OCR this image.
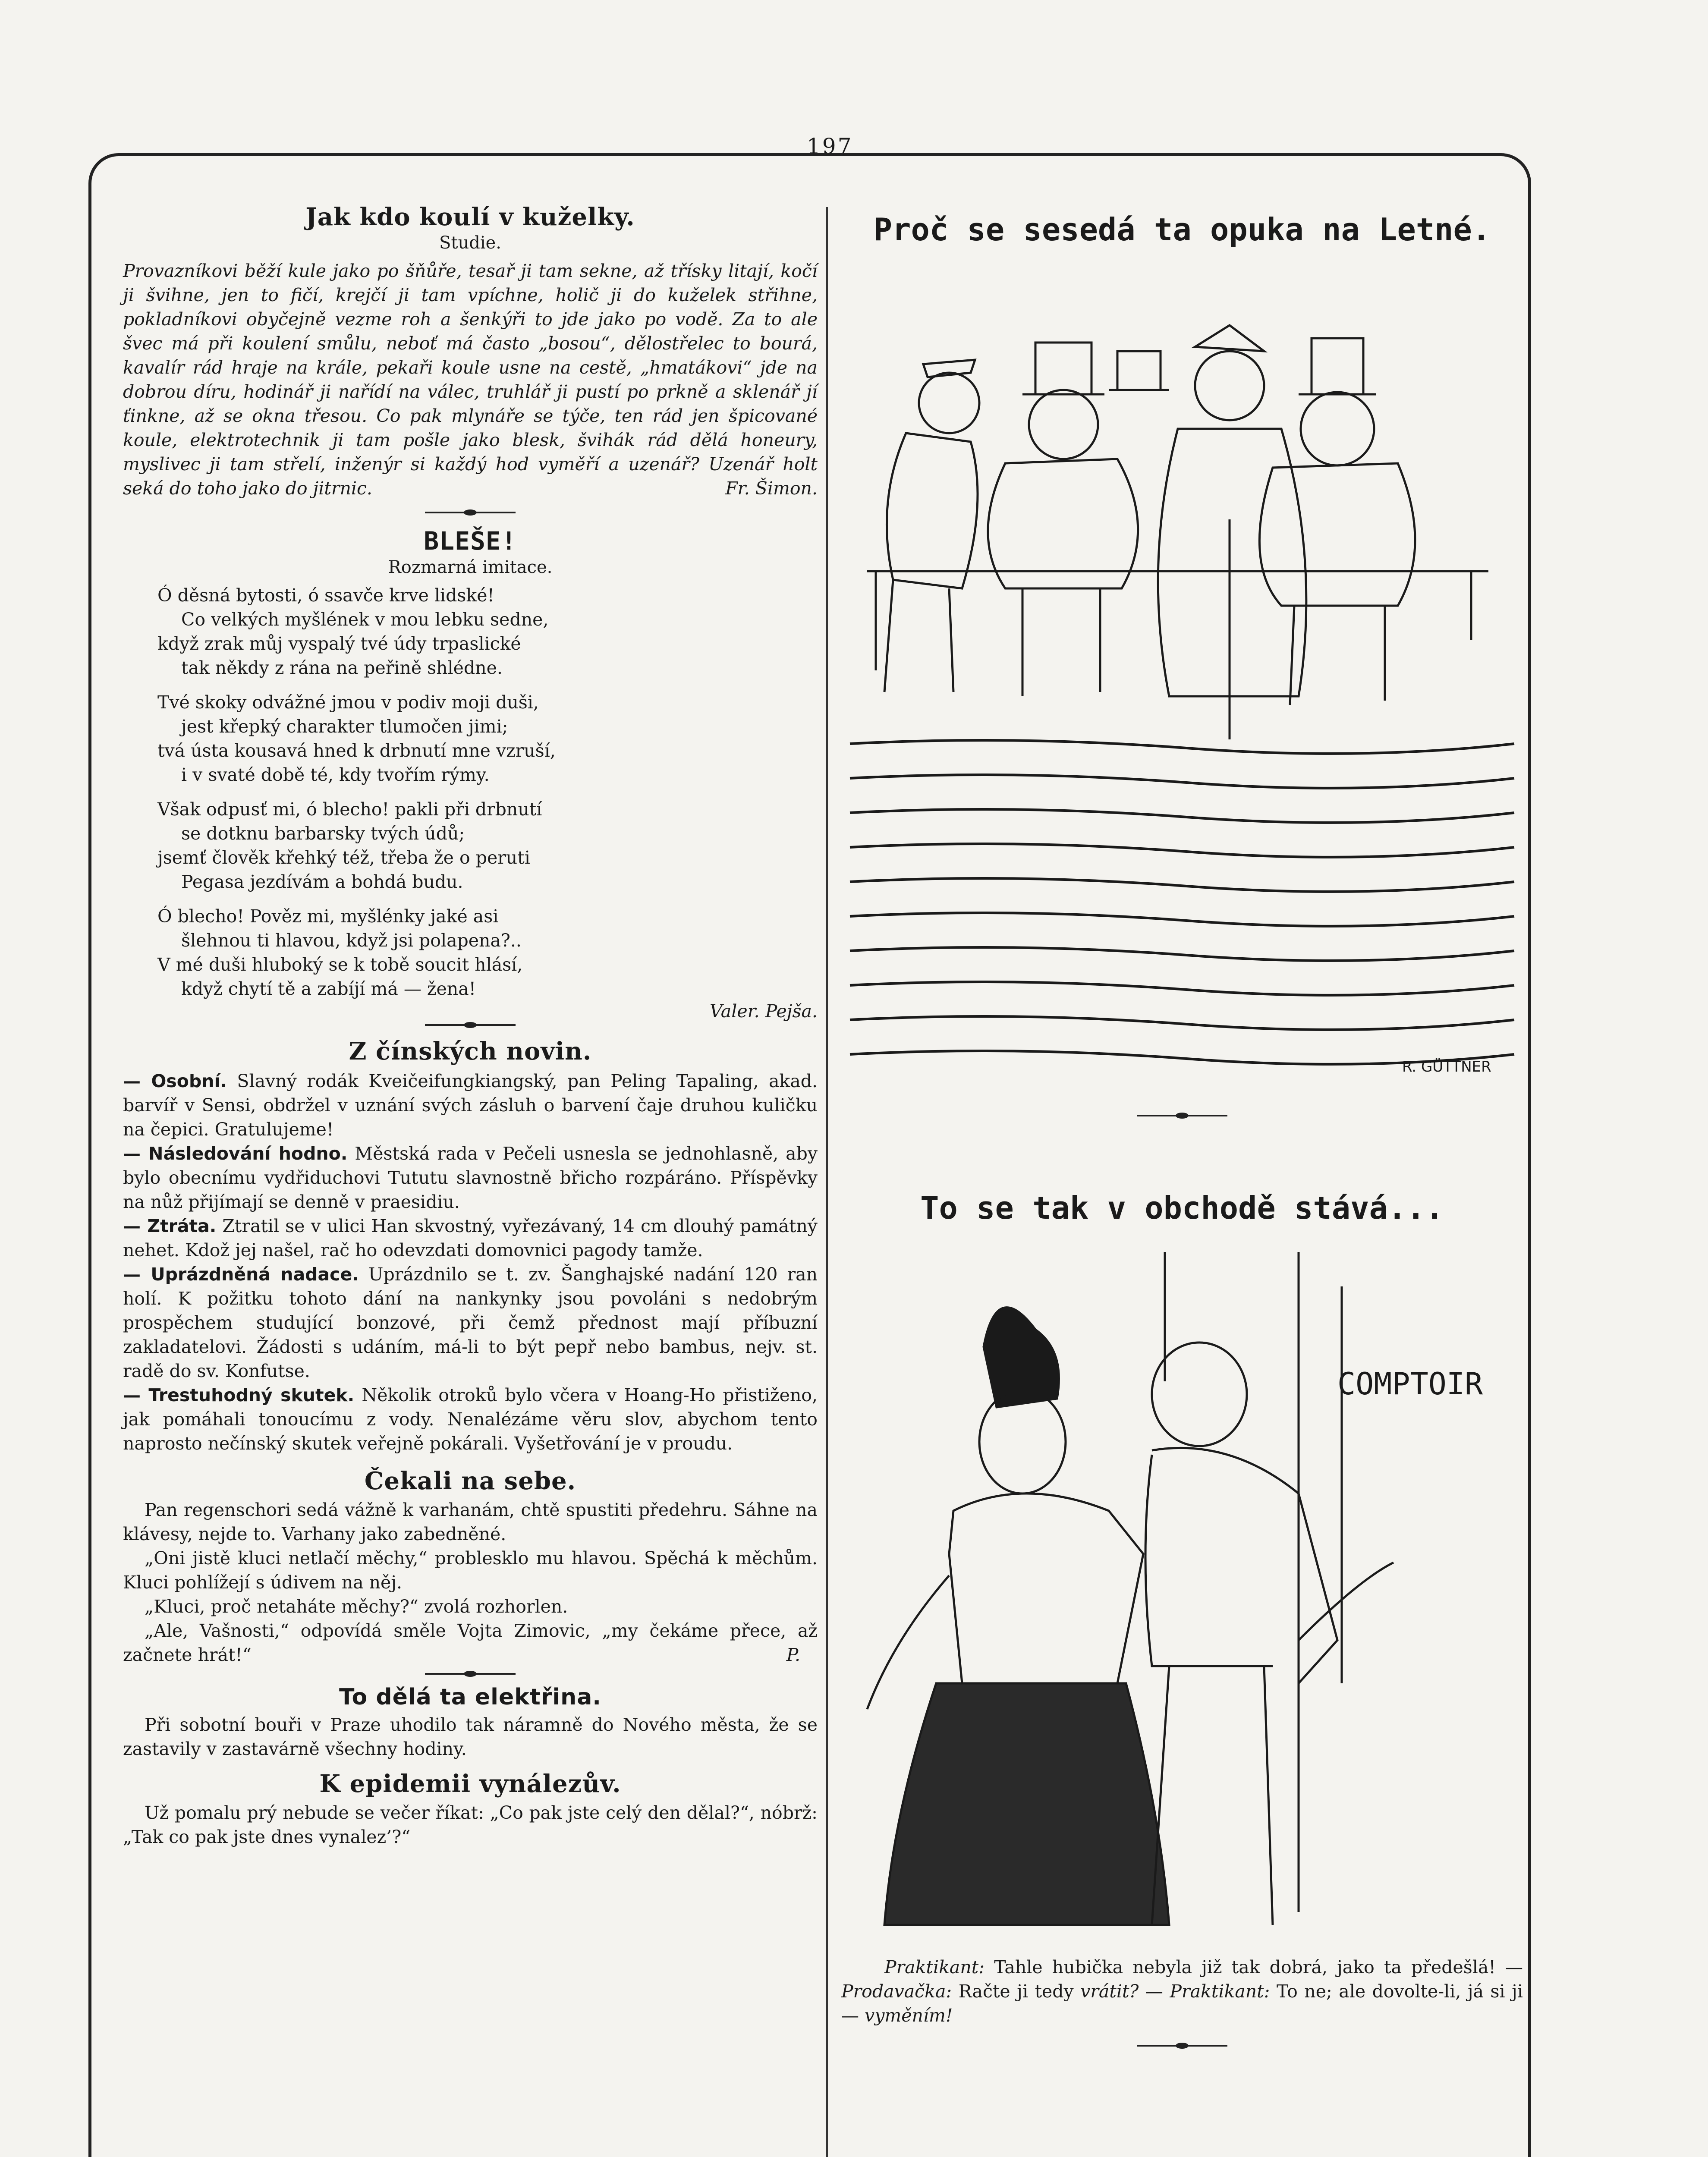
197
Jak kdo koulí v kuželky.
Studie.

Provazníkovi běží kule jako po šňůře, tesař ji tam sekne, až třísky litají, kočí ji švihne, jen to fičí, krejčí ji tam vpíchne, holič ji do kuželek střihne, pokladníkovi obyčejně vezme roh a šenkýři to jde jako po vodě. Za to ale švec má při koulení smůlu, neboť má často „bosou“, dělostřelec to bourá, kavalír rád hraje na krále, pekaři koule usne na cestě, „hmatákovi“ jde na dobrou díru, hodinář ji nařídí na válec, truhlář ji pustí po prkně a sklenář jí ťinkne, až se okna třesou. Co pak mlynáře se týče, ten rád jen špicované koule, elektrotechnik ji tam pošle jako blesk, švihák rád dělá honeury, myslivec ji tam střelí, inženýr si každý hod vyměří a uzenář? Uzenář holt seká do toho jako do jitrnic.	Fr. Šimon.

BLEŠE!
Rozmarná imitace.
Ó děsná bytosti, ó ssavče krve lidské!
Co velkých myšlének v mou lebku sedne,
když zrak můj vyspalý tvé údy trpaslické
tak někdy z rána na peřině shlédne.
Tvé skoky odvážné jmou v podiv moji duši,
jest křepký charakter tlumočen jimi;
tvá ústa kousavá hned k drbnutí mne vzruší,
i v svaté době té, kdy tvořím rýmy.
Však odpusť mi, ó blecho! pakli při drbnutí
se dotknu barbarsky tvých údů;
jsemť člověk křehký též, třeba že o peruti
Pegasa jezdívám a bohdá budu.
Ó blecho! Pověz mi, myšlénky jaké asi
šlehnou ti hlavou, když jsi polapena?..
V mé duši hluboký se k tobě soucit hlásí,
když chytí tě a zabíjí má — žena!
Valer. Pejša.
Z čínských novin.

— Osobní. Slavný rodák Kveičeifungkiangský, pan Peling Tapaling, akad. barvíř v Sensi, obdržel v uznání svých zásluh o barvení čaje druhou kuličku na čepici. Gratulujeme!

— Následování hodno. Městská rada v Pečeli usnesla se jednohlasně, aby bylo obecnímu vydřiduchovi Tututu slavnostně břicho rozpáráno. Příspěvky na nůž přijímají se denně v praesidiu.

— Ztráta. Ztratil se v ulici Han skvostný, vyřezávaný, 14 cm dlouhý památný nehet. Kdož jej našel, rač ho odevzdati domovnici pagody tamže.

— Uprázdněná nadace. Uprázdnilo se t. zv. Šanghajské nadání 120 ran holí. K požitku tohoto dání na nankynky jsou povoláni s nedobrým prospěchem studující bonzové, při čemž přednost mají příbuzní zakladatelovi. Žádosti s udáním, má-li to být pepř nebo bambus, nejv. st. radě do sv. Konfutse.

— Trestuhodný skutek. Několik otroků bylo včera v Hoang-Ho přistiženo, jak pomáhali tonoucímu z vody. Nenalézáme věru slov, abychom tento naprosto nečínský skutek veřejně pokárali. Vyšetřování je v proudu.

Čekali na sebe.

Pan regenschori sedá vážně k varhanám, chtě spustiti předehru. Sáhne na klávesy, nejde to. Varhany jako zabedněné.

„Oni jistě kluci netlačí měchy,“ problesklo mu hlavou. Spěchá k měchům. Kluci pohlížejí s údivem na něj.

„Kluci, proč netaháte měchy?“ zvolá rozhorlen.

„Ale, Vašnosti,“ odpovídá směle Vojta Zimovic, „my čekáme přece, až začnete hrát!“	P.

To dělá ta elektřina.

Při sobotní bouři v Praze uhodilo tak náramně do Nového města, že se zastavily v zastavárně všechny hodiny.

K epidemii vynálezův.

Už pomalu prý nebude se večer říkat: „Co pak jste celý den dělal?“, nóbrž: „Tak co pak jste dnes vynalez’?“

Proč se sesedá ta opuka na Letné.
R. GÜTTNER
To se tak v obchodě stává...
COMPTOIR

Praktikant: Tahle hubička nebyla již tak dobrá, jako ta předešlá! — Prodavačka: Račte ji tedy vrátit? — Praktikant: To ne; ale dovolte-li, já si ji — vyměním!
